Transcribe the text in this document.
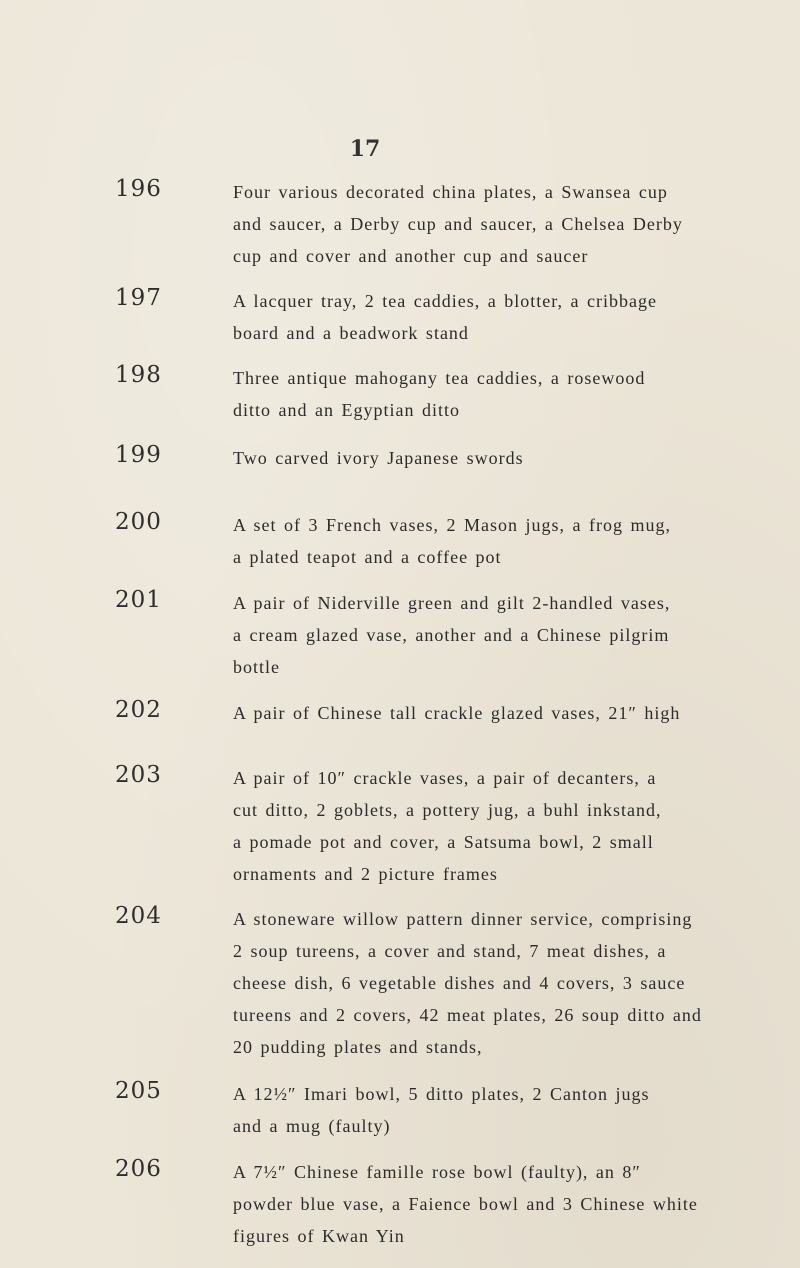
17
196	Four various decorated china plates, a Swansea cup
and saucer, a Derby cup and saucer, a Chelsea Derby
cup and cover and another cup and saucer
197	A lacquer tray, 2 tea caddies, a blotter, a cribbage
board and a beadwork stand
198	Three antique mahogany tea caddies, a rosewood
ditto and an Egyptian ditto
199	Two carved ivory Japanese swords
200	A set of 3 French vases, 2 Mason jugs, a frog mug,
a plated teapot and a coffee pot
201	A pair of Niderville green and gilt 2-handled vases,
a cream glazed vase, another and a Chinese pilgrim
bottle
202	A pair of Chinese tall crackle glazed vases, 21″ high
203	A pair of 10″ crackle vases, a pair of decanters, a
cut ditto, 2 goblets, a pottery jug, a buhl inkstand,
a pomade pot and cover, a Satsuma bowl, 2 small
ornaments and 2 picture frames
204	A stoneware willow pattern dinner service, comprising
2 soup tureens, a cover and stand, 7 meat dishes, a
cheese dish, 6 vegetable dishes and 4 covers, 3 sauce
tureens and 2 covers, 42 meat plates, 26 soup ditto and
20 pudding plates and stands,
205	A 12½″ Imari bowl, 5 ditto plates, 2 Canton jugs
and a mug (faulty)
206	A 7½″ Chinese famille rose bowl (faulty), an 8″
powder blue vase, a Faience bowl and 3 Chinese white
figures of Kwan Yin
